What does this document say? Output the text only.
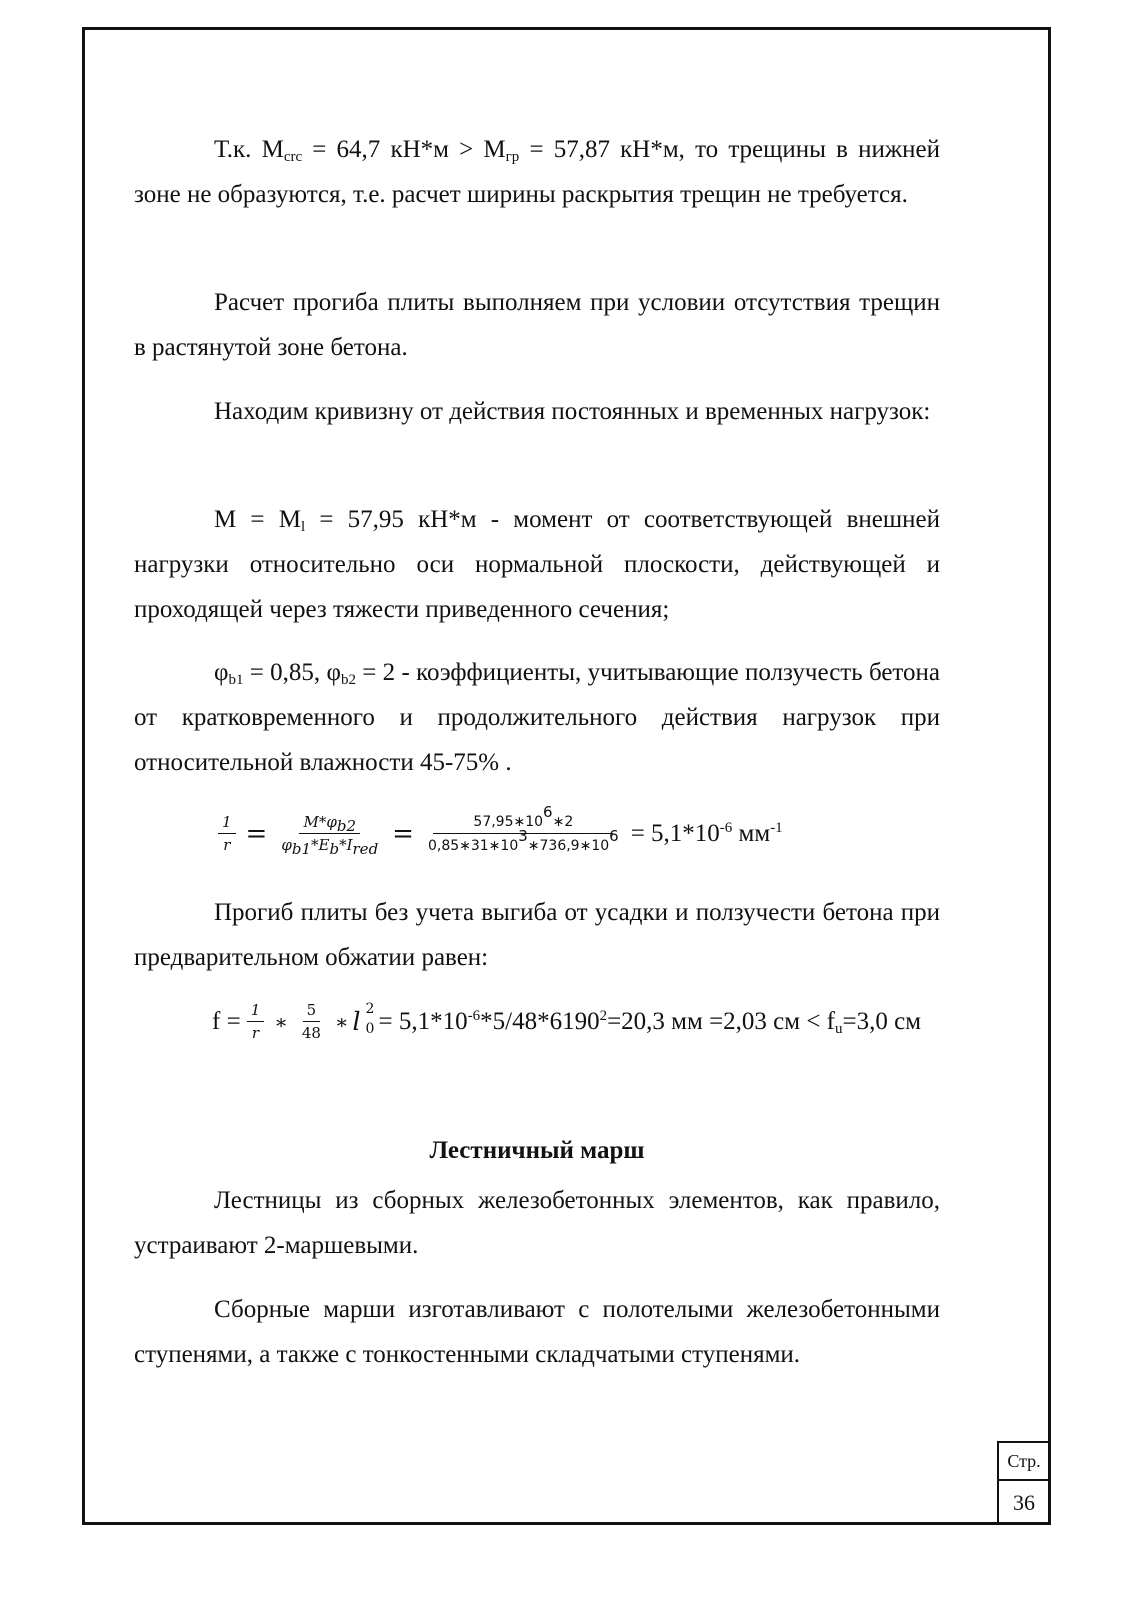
Т.к. $М_{crc} = 64,7$ $кН*м > М_{гр} = 57,87$ кН*м, то трещины в нижней зоне не образуются, т.е. расчет ширины раскрытия трещин не требуется.

Расчет прогиба плиты выполняем при условии отсутствия трещин в растянутой зоне бетона.

Находим кривизну от действия постоянных и временных нагрузок:

$М = М_l = 57,95$ кН*м - момент от соответствующей внешней нагрузки относительно оси нормальной плоскости, действующей и проходящей через тяжести приведенного сечения;

$\varphi_{b1} = 0,85$, $\varphi_{b2} = 2$ - коэффициенты, учитывающие ползучесть бетона от кратковременного и продолжительного действия нагрузок при относительной влажности 45-75% .

$\frac{1}{r} = \frac{M*\varphi_{b2}}{\varphi_{b1}*E_b*I_{red}} = \frac{57,95∗10^6∗2}{0,85∗31∗10^3∗736,9∗10^6} = 5,1*10^{-6}$ $мм^{-1}$

Прогиб плиты без учета выгиба от усадки и ползучести бетона при предварительном обжатии равен:

$f = \frac{1}{r}$ ∗ $\frac{5}{48}$ ∗ l 2
$0 = 5,1*10^{-6}*5/48*6190^2=20,3$ мм =2,03 см < $f_u=3,0$ см
Лестничный марш

Лестницы из сборных железобетонных элементов, как правило, устраивают 2-маршевыми.

Сборные марши изготавливают с полотелыми железобетонными ступенями, а также с тонкостенными складчатыми ступенями.

Стр.
36
